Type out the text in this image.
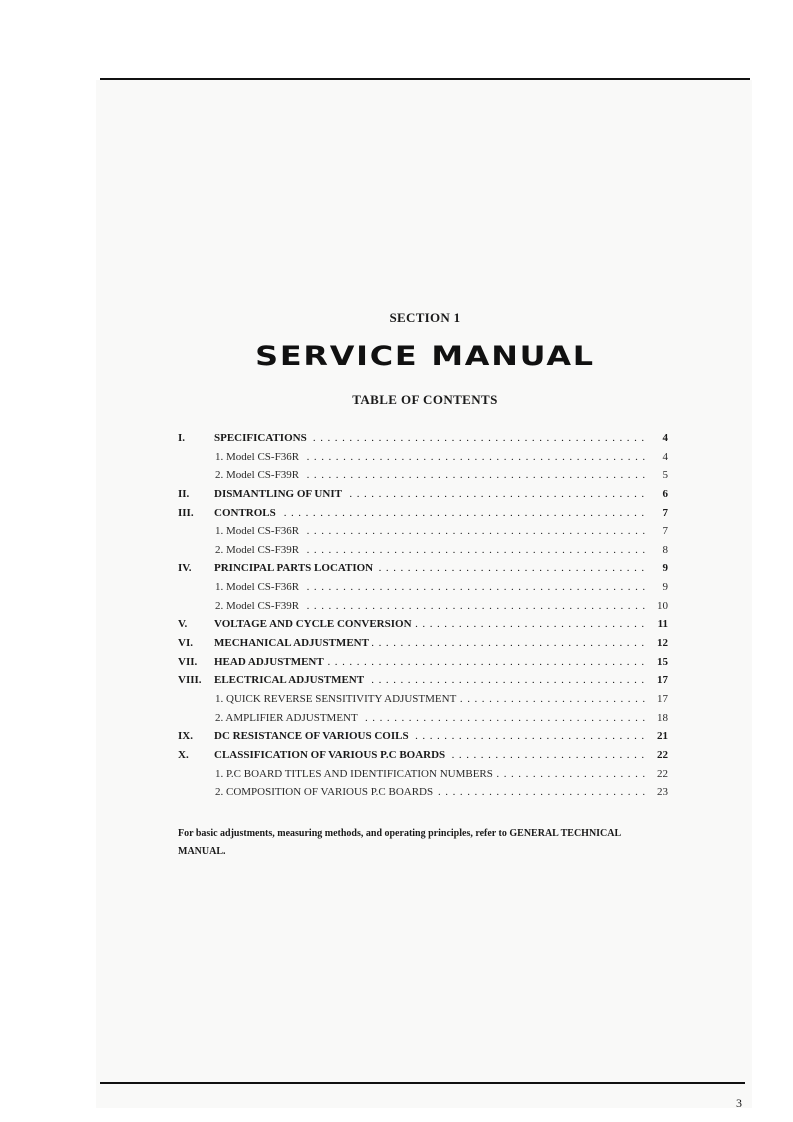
SECTION 1
SERVICE MANUAL
TABLE OF CONTENTS
I.	SPECIFICATIONS . . .	4
1. Model CS-F36R . . .	4
2. Model CS-F39R . . .	5
II. DISMANTLING OF UNIT . . .	6
III. CONTROLS . . .	7
1. Model CS-F36R . . .	7
2. Model CS-F39R . . .	8
IV. PRINCIPAL PARTS LOCATION . . .	9
1. Model CS-F36R . . .	9
2. Model CS-F39R . . .	10
V. VOLTAGE AND CYCLE CONVERSION . . .	11
VI. MECHANICAL ADJUSTMENT . . .	12
VII. HEAD ADJUSTMENT . . .	15
VIII. ELECTRICAL ADJUSTMENT . . .	17
1. QUICK REVERSE SENSITIVITY ADJUSTMENT . . .	17
2. AMPLIFIER ADJUSTMENT . . .	18
IX. DC RESISTANCE OF VARIOUS COILS . . .	21
X. CLASSIFICATION OF VARIOUS P.C BOARDS . . .	22
1. P.C BOARD TITLES AND IDENTIFICATION NUMBERS . . .	22
2. COMPOSITION OF VARIOUS P.C BOARDS . . .	23
For basic adjustments, measuring methods, and operating principles, refer to GENERAL TECHNICAL MANUAL.
3
